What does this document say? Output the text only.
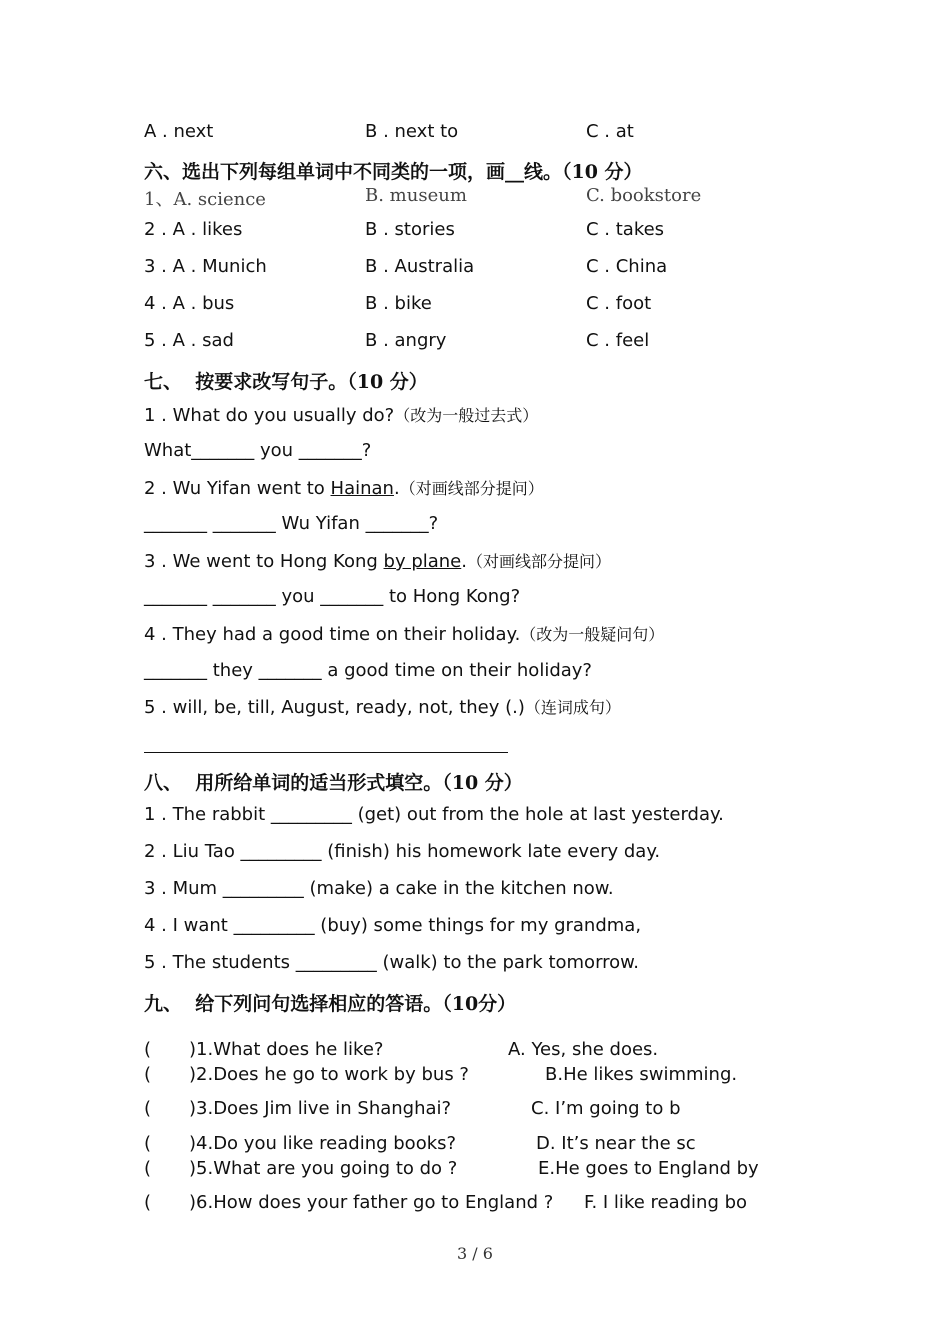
A . next	B . next to	C . at
六、选出下列每组单词中不同类的一项，画__线。（10 分）
1、A. science	B. museum	C. bookstore
2 . A . likes	B . stories	C . takes
3 . A . Munich	B . Australia	C . China
4 . A . bus	B . bike	C . foot
5 . A . sad	B . angry	C . feel
七、  按要求改写句子。（10 分）
1 . What do you usually do?（改为一般过去式）
What_______ you _______?
2 . Wu Yifan went to Hainan.（对画线部分提问）
_______ _______ Wu Yifan _______?
3 . We went to Hong Kong by plane.（对画线部分提问）
_______ _______ you _______ to Hong Kong?
4 . They had a good time on their holiday.（改为一般疑问句）
_______ they _______ a good time on their holiday?
5 . will, be, till, August, ready, not, they (.)（连词成句）
八、  用所给单词的适当形式填空。（10 分）
1 . The rabbit _________ (get) out from the hole at last yesterday.
2 . Liu Tao _________ (finish) his homework late every day.
3 . Mum _________ (make) a cake in the kitchen now.
4 . I want _________ (buy) some things for my grandma,
5 . The students _________ (walk) to the park tomorrow.
九、  给下列问句选择相应的答语。（10分）
( )1.What does he like?	A. Yes, she does.
( )2.Does he go to work by bus ?	B.He likes swimming.
( )3.Does Jim live in Shanghai?	C. I’m going to b
( )4.Do you like reading books?	D. It’s near the sc
( )5.What are you going to do ?	E.He goes to England by
( )6.How does your father go to England ? F. I like reading bo
3 / 6
